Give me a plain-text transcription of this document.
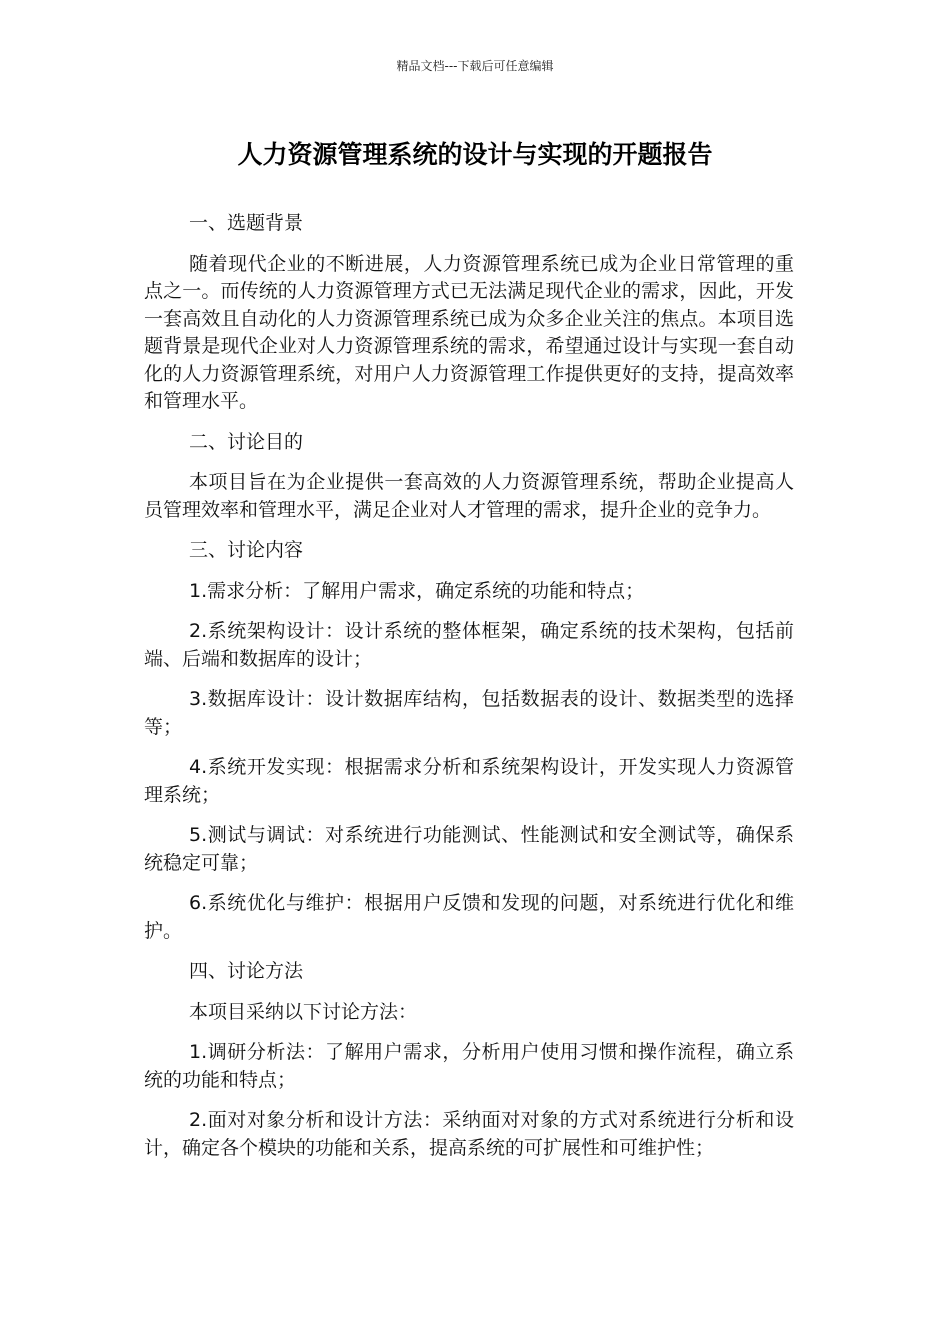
精品文档---下载后可任意编辑
人力资源管理系统的设计与实现的开题报告

一、选题背景

随着现代企业的不断进展，人力资源管理系统已成为企业日常管理的重点之一。而传统的人力资源管理方式已无法满足现代企业的需求，因此，开发一套高效且自动化的人力资源管理系统已成为众多企业关注的焦点。本项目选题背景是现代企业对人力资源管理系统的需求，希望通过设计与实现一套自动化的人力资源管理系统，对用户人力资源管理工作提供更好的支持，提高效率和管理水平。

二、讨论目的

本项目旨在为企业提供一套高效的人力资源管理系统，帮助企业提高人员管理效率和管理水平，满足企业对人才管理的需求，提升企业的竞争力。

三、讨论内容

1.需求分析：了解用户需求，确定系统的功能和特点；

2.系统架构设计：设计系统的整体框架，确定系统的技术架构，包括前端、后端和数据库的设计；

3.数据库设计：设计数据库结构，包括数据表的设计、数据类型的选择等；

4.系统开发实现：根据需求分析和系统架构设计，开发实现人力资源管理系统；

5.测试与调试：对系统进行功能测试、性能测试和安全测试等，确保系统稳定可靠；

6.系统优化与维护：根据用户反馈和发现的问题，对系统进行优化和维护。

四、讨论方法

本项目采纳以下讨论方法：

1.调研分析法：了解用户需求，分析用户使用习惯和操作流程，确立系统的功能和特点；

2.面对对象分析和设计方法：采纳面对对象的方式对系统进行分析和设计，确定各个模块的功能和关系，提高系统的可扩展性和可维护性；
